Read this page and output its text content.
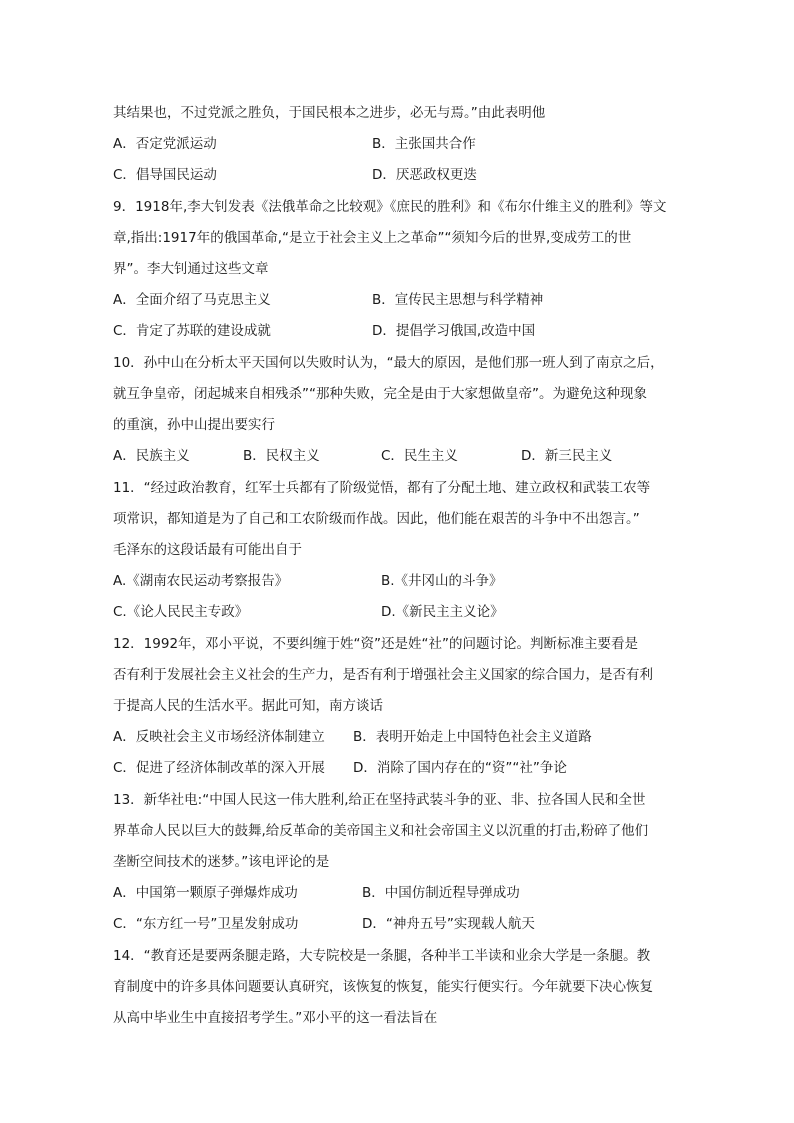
其结果也，不过党派之胜负，于国民根本之进步，必无与焉。”由此表明他
A．否定党派运动	B．主张国共合作
C．倡导国民运动	D．厌恶政权更迭
9．1918年,李大钊发表《法俄革命之比较观》《庶民的胜利》和《布尔什维主义的胜利》等文
章,指出:1917年的俄国革命,“是立于社会主义上之革命”“须知今后的世界,变成劳工的世
界”。李大钊通过这些文章
A．全面介绍了马克思主义	B．宣传民主思想与科学精神
C．肯定了苏联的建设成就	D．提倡学习俄国,改造中国
10．孙中山在分析太平天国何以失败时认为，“最大的原因，是他们那一班人到了南京之后，
就互争皇帝，闭起城来自相残杀”“那种失败，完全是由于大家想做皇帝”。为避免这种现象
的重演，孙中山提出要实行
A．民族主义	B．民权主义	C．民生主义	D．新三民主义
11．“经过政治教育，红军士兵都有了阶级觉悟，都有了分配土地、建立政权和武装工农等
项常识，都知道是为了自己和工农阶级而作战。因此，他们能在艰苦的斗争中不出怨言。”
毛泽东的这段话最有可能出自于
A.《湖南农民运动考察报告》	B.《井冈山的斗争》
C.《论人民民主专政》	D.《新民主主义论》
12．1992年，邓小平说，不要纠缠于姓“资”还是姓“社”的问题讨论。判断标准主要看是
否有利于发展社会主义社会的生产力，是否有利于增强社会主义国家的综合国力，是否有利
于提高人民的生活水平。据此可知，南方谈话
A．反映社会主义市场经济体制建立 B．表明开始走上中国特色社会主义道路
C．促进了经济体制改革的深入开展 D．消除了国内存在的“资”“社”争论
13．新华社电:“中国人民这一伟大胜利,给正在坚持武装斗争的亚、非、拉各国人民和全世
界革命人民以巨大的鼓舞,给反革命的美帝国主义和社会帝国主义以沉重的打击,粉碎了他们
垄断空间技术的迷梦。”该电评论的是
A．中国第一颗原子弹爆炸成功	B．中国仿制近程导弹成功
C．“东方红一号”卫星发射成功	D．“神舟五号”实现载人航天
14．“教育还是要两条腿走路，大专院校是一条腿，各种半工半读和业余大学是一条腿。教
育制度中的许多具体问题要认真研究，该恢复的恢复，能实行便实行。今年就要下决心恢复
从高中毕业生中直接招考学生。”邓小平的这一看法旨在
